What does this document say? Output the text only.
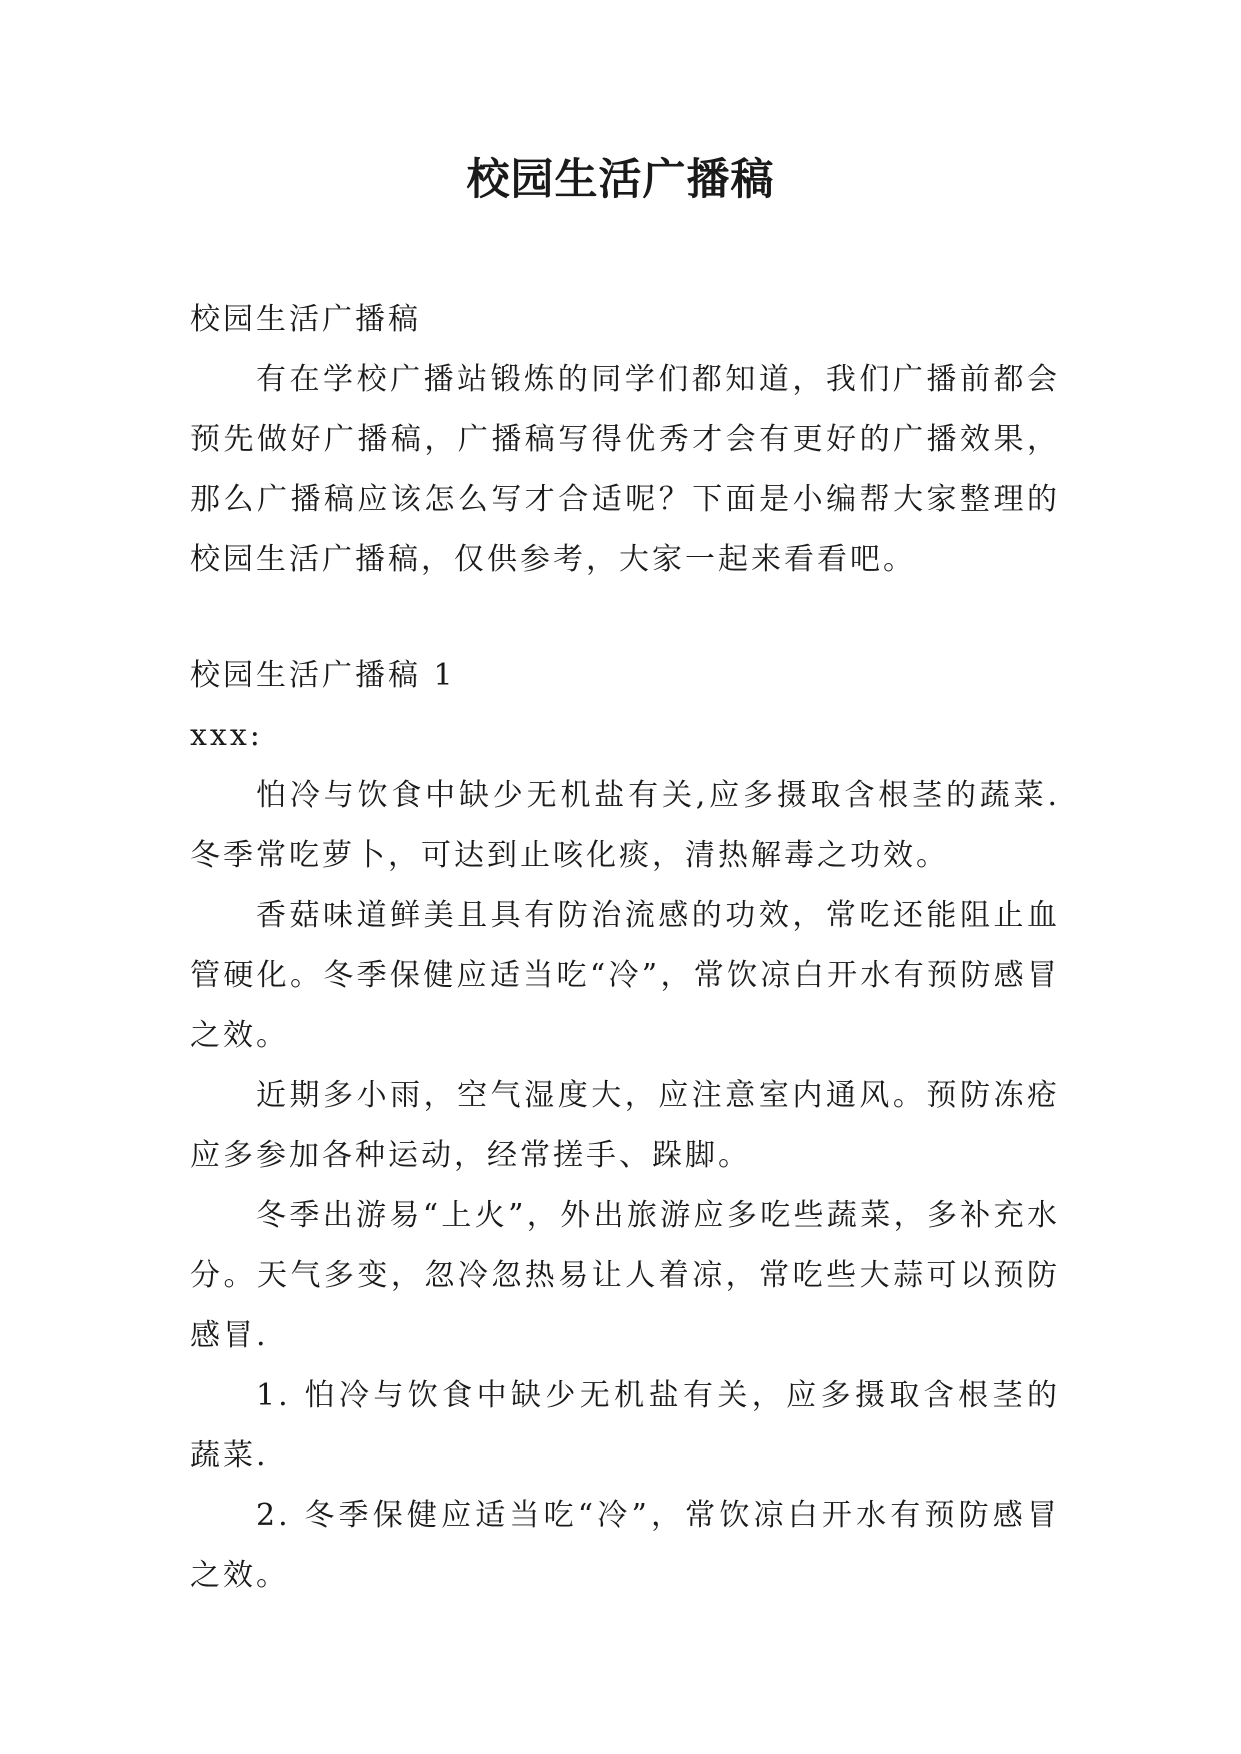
校园生活广播稿

校园生活广播稿

有在学校广播站锻炼的同学们都知道，我们广播前都会预先做好广播稿，广播稿写得优秀才会有更好的广播效果，那么广播稿应该怎么写才合适呢？下面是小编帮大家整理的校园生活广播稿，仅供参考，大家一起来看看吧。

校园生活广播稿 1

xxx:

怕冷与饮食中缺少无机盐有关,应多摄取含根茎的蔬菜.冬季常吃萝卜，可达到止咳化痰，清热解毒之功效。

香菇味道鲜美且具有防治流感的功效，常吃还能阻止血管硬化。冬季保健应适当吃“冷”，常饮凉白开水有预防感冒之效。

近期多小雨，空气湿度大，应注意室内通风。预防冻疮应多参加各种运动，经常搓手、跺脚。

冬季出游易“上火”，外出旅游应多吃些蔬菜，多补充水分。天气多变，忽冷忽热易让人着凉，常吃些大蒜可以预防感冒.

1. 怕冷与饮食中缺少无机盐有关，应多摄取含根茎的蔬菜.

2. 冬季保健应适当吃“冷”，常饮凉白开水有预防感冒之效。
